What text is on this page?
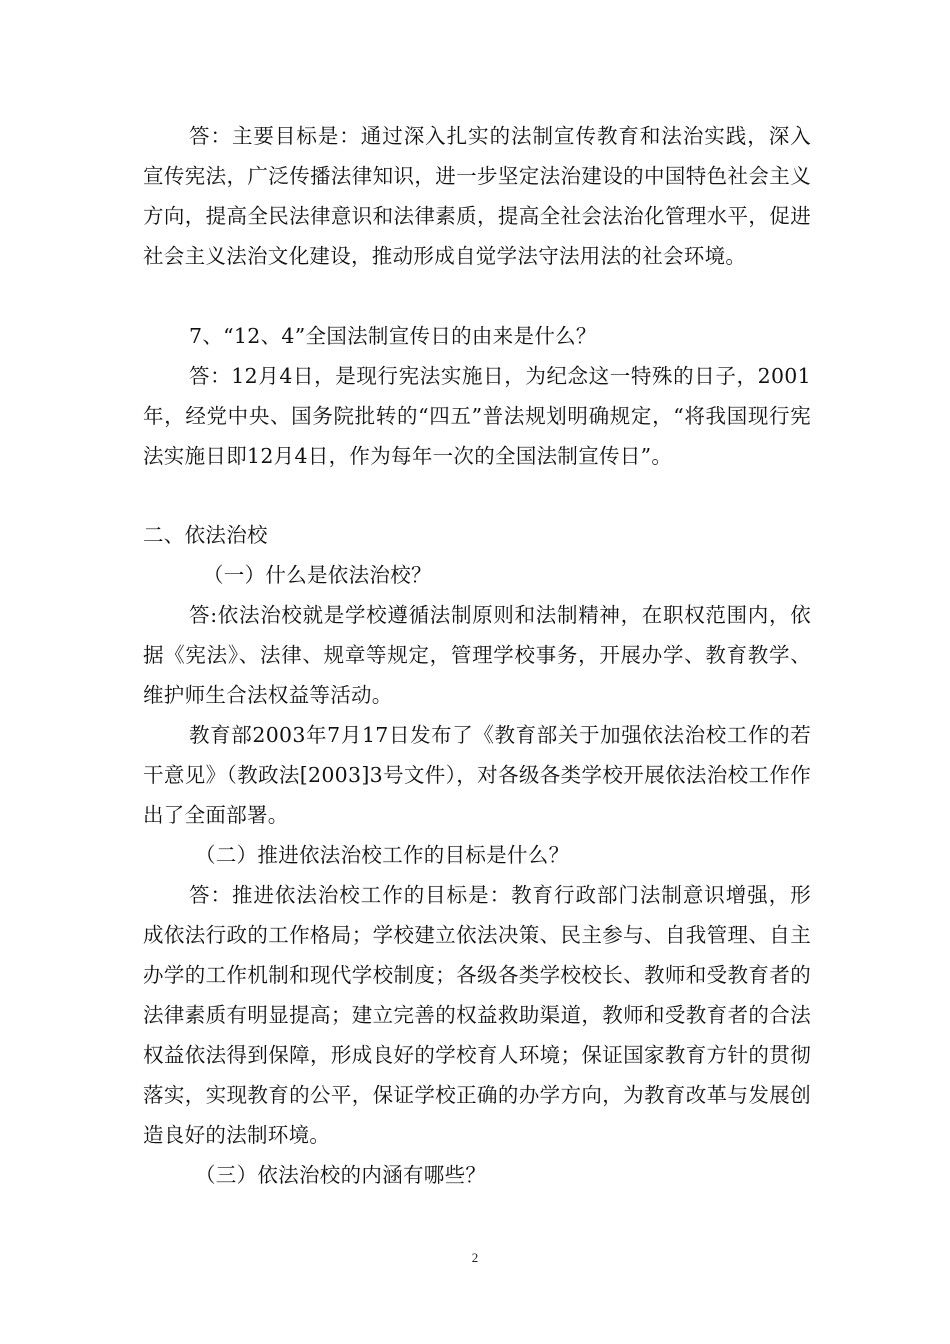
答：主要目标是：通过深入扎实的法制宣传教育和法治实践，深入宣传宪法，广泛传播法律知识，进一步坚定法治建设的中国特色社会主义方向，提高全民法律意识和法律素质，提高全社会法治化管理水平，促进社会主义法治文化建设，推动形成自觉学法守法用法的社会环境。

7、“12、4”全国法制宣传日的由来是什么？

答：12月4日，是现行宪法实施日，为纪念这一特殊的日子，2001年，经党中央、国务院批转的“四五”普法规划明确规定，“将我国现行宪法实施日即12月4日，作为每年一次的全国法制宣传日”。

二、依法治校

（一）什么是依法治校？

答:依法治校就是学校遵循法制原则和法制精神，在职权范围内，依据《宪法》、法律、规章等规定，管理学校事务，开展办学、教育教学、维护师生合法权益等活动。

教育部2003年7月17日发布了《教育部关于加强依法治校工作的若干意见》（教政法[2003]3号文件），对各级各类学校开展依法治校工作作出了全面部署。

（二）推进依法治校工作的目标是什么？

答：推进依法治校工作的目标是：教育行政部门法制意识增强，形成依法行政的工作格局；学校建立依法决策、民主参与、自我管理、自主办学的工作机制和现代学校制度；各级各类学校校长、教师和受教育者的法律素质有明显提高；建立完善的权益救助渠道，教师和受教育者的合法权益依法得到保障，形成良好的学校育人环境；保证国家教育方针的贯彻落实，实现教育的公平，保证学校正确的办学方向，为教育改革与发展创造良好的法制环境。

（三）依法治校的内涵有哪些？

2
